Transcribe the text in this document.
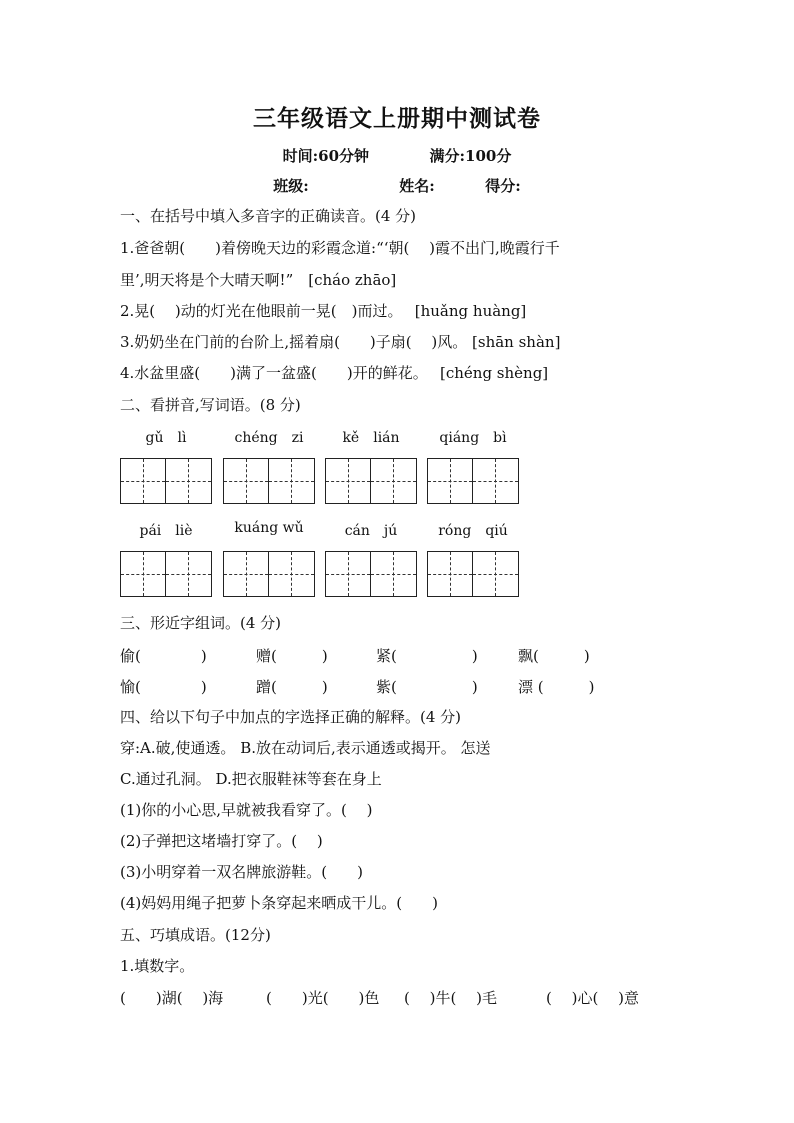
三年级语文上册期中测试卷
时间:60分钟	满分:100分
班级:	姓名:	得分:
一、在括号中填入多音字的正确读音。(4 分)
1.爸爸朝(　　)着傍晚天边的彩霞念道:“‘朝(　 )霞不出门,晚霞行千
里’,明天将是个大晴天啊!”　[cháo zhāo]
2.晃(　 )动的灯光在他眼前一晃(　)而过。　 [huǎng huàng]
3.奶奶坐在门前的台阶上,摇着扇(　　)子扇(　 )风。 [shān shàn]
4.水盆里盛(　　)满了一盆盛(　　)开的鲜花。　 [chéng shèng]
二、看拼音,写词语。(8 分)
gǔ　lì	chéng　zi	kě　lián	qiáng　bì
pái　liè	kuáng wǔ	cán　jú	róng　qiú
三、形近字组词。(4 分)
偷(　　　　)	赠(　　　)	紧(　　　　　)	飘(　　　)
愉(　　　　)	蹭(　　　)	紫(　　　　　)	漂 (　　　)
四、给以下句子中加点的字选择正确的解释。(4 分)
穿:A.破,使通透。 B.放在动词后,表示通透或揭开。 怎送
C.通过孔洞。 D.把衣服鞋袜等套在身上
(1)你的小心思,早就被我看穿了。(　 )
(2)子弹把这堵墙打穿了。(　 )
(3)小明穿着一双名牌旅游鞋。(　　)
(4)妈妈用绳子把萝卜条穿起来晒成干儿。(　　)
五、巧填成语。(12分)
1.填数字。
(　　)湖(　 )海	(　　)光(　　)色 (　 )牛(　 )毛	(　 )心(　 )意
